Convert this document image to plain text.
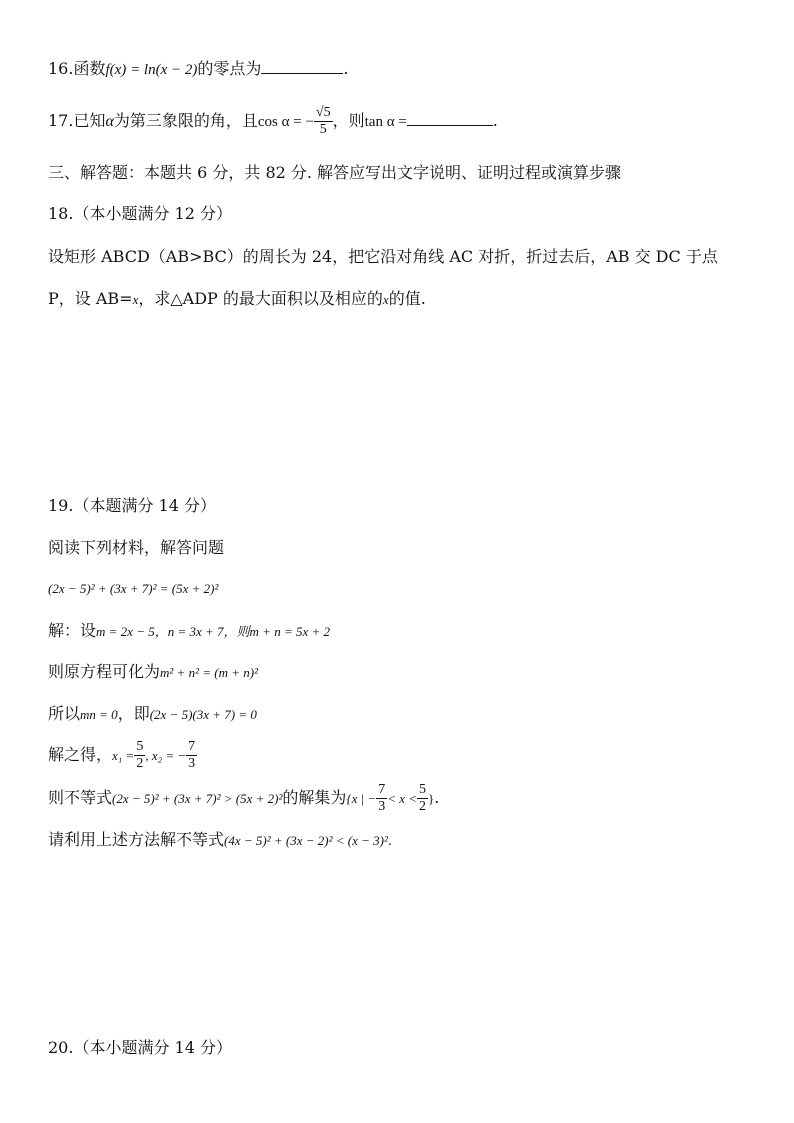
16.函数f(x) = ln(x − 2)的零点为	.
17.已知α为第三象限的角，且cos α = − $\frac{√5}{5}$ ，则tan α =	.
三、解答题：本题共 6 分，共 82 分. 解答应写出文字说明、证明过程或演算步骤
18.（本小题满分 12 分）
设矩形 ABCD（AB>BC）的周长为 24，把它沿对角线 AC 对折，折过去后，AB 交 DC 于点
P，设 AB=x，求△ADP 的最大面积以及相应的x的值.
19.（本题满分 14 分）
阅读下列材料，解答问题
(2x − 5)² + (3x + 7)² = (5x + 2)²
解：设m = 2x − 5，n = 3x + 7，则m + n = 5x + 2
则原方程可化为m² + n² = (m + n)²
所以mn = 0，即(2x − 5)(3x + 7) = 0
解之得，$x_1 = \frac{5}{2}$ , x₂ = − $\frac{7}{3}$
则不等式(2x − 5)² + (3x + 7)² > (5x + 2)²的解集为{x | − $\frac{7}{3} < x < \frac{5}{2}$ }.
请利用上述方法解不等式(4x − 5)² + (3x − 2)² < (x − 3)².
20.（本小题满分 14 分）
